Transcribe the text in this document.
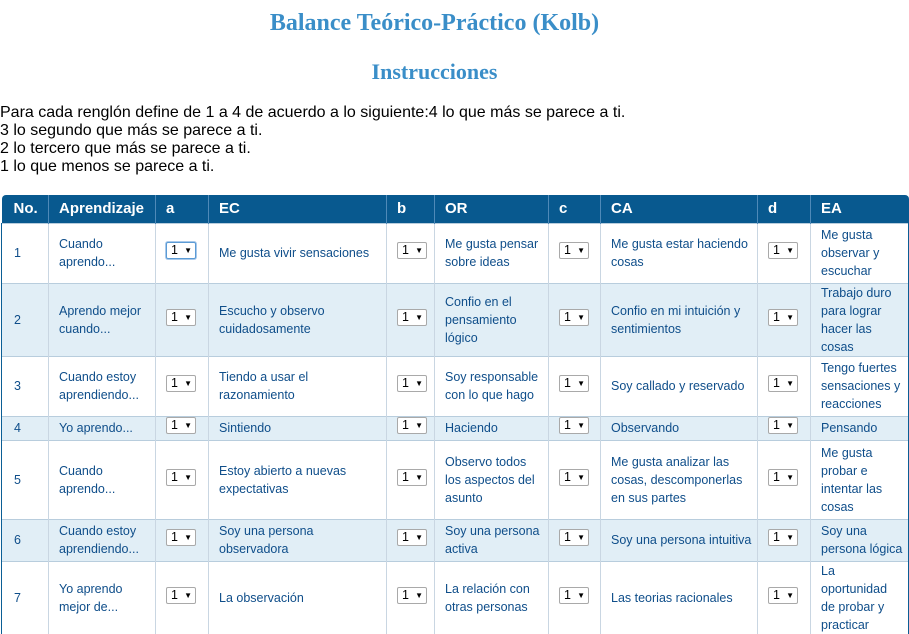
Balance Teórico-Práctico (Kolb)
Instrucciones
Para cada renglón define de 1 a 4 de acuerdo a lo siguiente:4 lo que más se parece a ti.
3 lo segundo que más se parece a ti.
2 lo tercero que más se parece a ti.
1 lo que menos se parece a ti.
No.	Aprendizaje	a	EC	b	OR	c	CA	d	EA
1	Cuando aprendo...	1 ▼	Me gusta vivir sensaciones	1 ▼	Me gusta pensar sobre ideas	1 ▼	Me gusta estar haciendo cosas	1 ▼	Me gusta observar y escuchar
2	Aprendo mejor cuando...	1 ▼	Escucho y observo cuidadosamente	1 ▼	Confio en el pensamiento lógico	1 ▼	Confio en mi intuición y sentimientos	1 ▼	Trabajo duro para lograr hacer las cosas
3	Cuando estoy aprendiendo...	1 ▼	Tiendo a usar el razonamiento	1 ▼	Soy responsable con lo que hago	1 ▼	Soy callado y reservado	1 ▼	Tengo fuertes sensaciones y reacciones
4	Yo aprendo...	1 ▼	Sintiendo	1 ▼	Haciendo	1 ▼	Observando	1 ▼	Pensando
5	Cuando aprendo...	1 ▼	Estoy abierto a nuevas expectativas	1 ▼	Observo todos los aspectos del asunto	1 ▼	Me gusta analizar las cosas, descomponerlas en sus partes	1 ▼	Me gusta probar e intentar las cosas
6	Cuando estoy aprendiendo...	1 ▼	Soy una persona observadora	1 ▼	Soy una persona activa	1 ▼	Soy una persona intuitiva	1 ▼	Soy una persona lógica
7	Yo aprendo mejor de...	1 ▼	La observación	1 ▼	La relación con otras personas	1 ▼	Las teorias racionales	1 ▼	La oportunidad de probar y practicar
